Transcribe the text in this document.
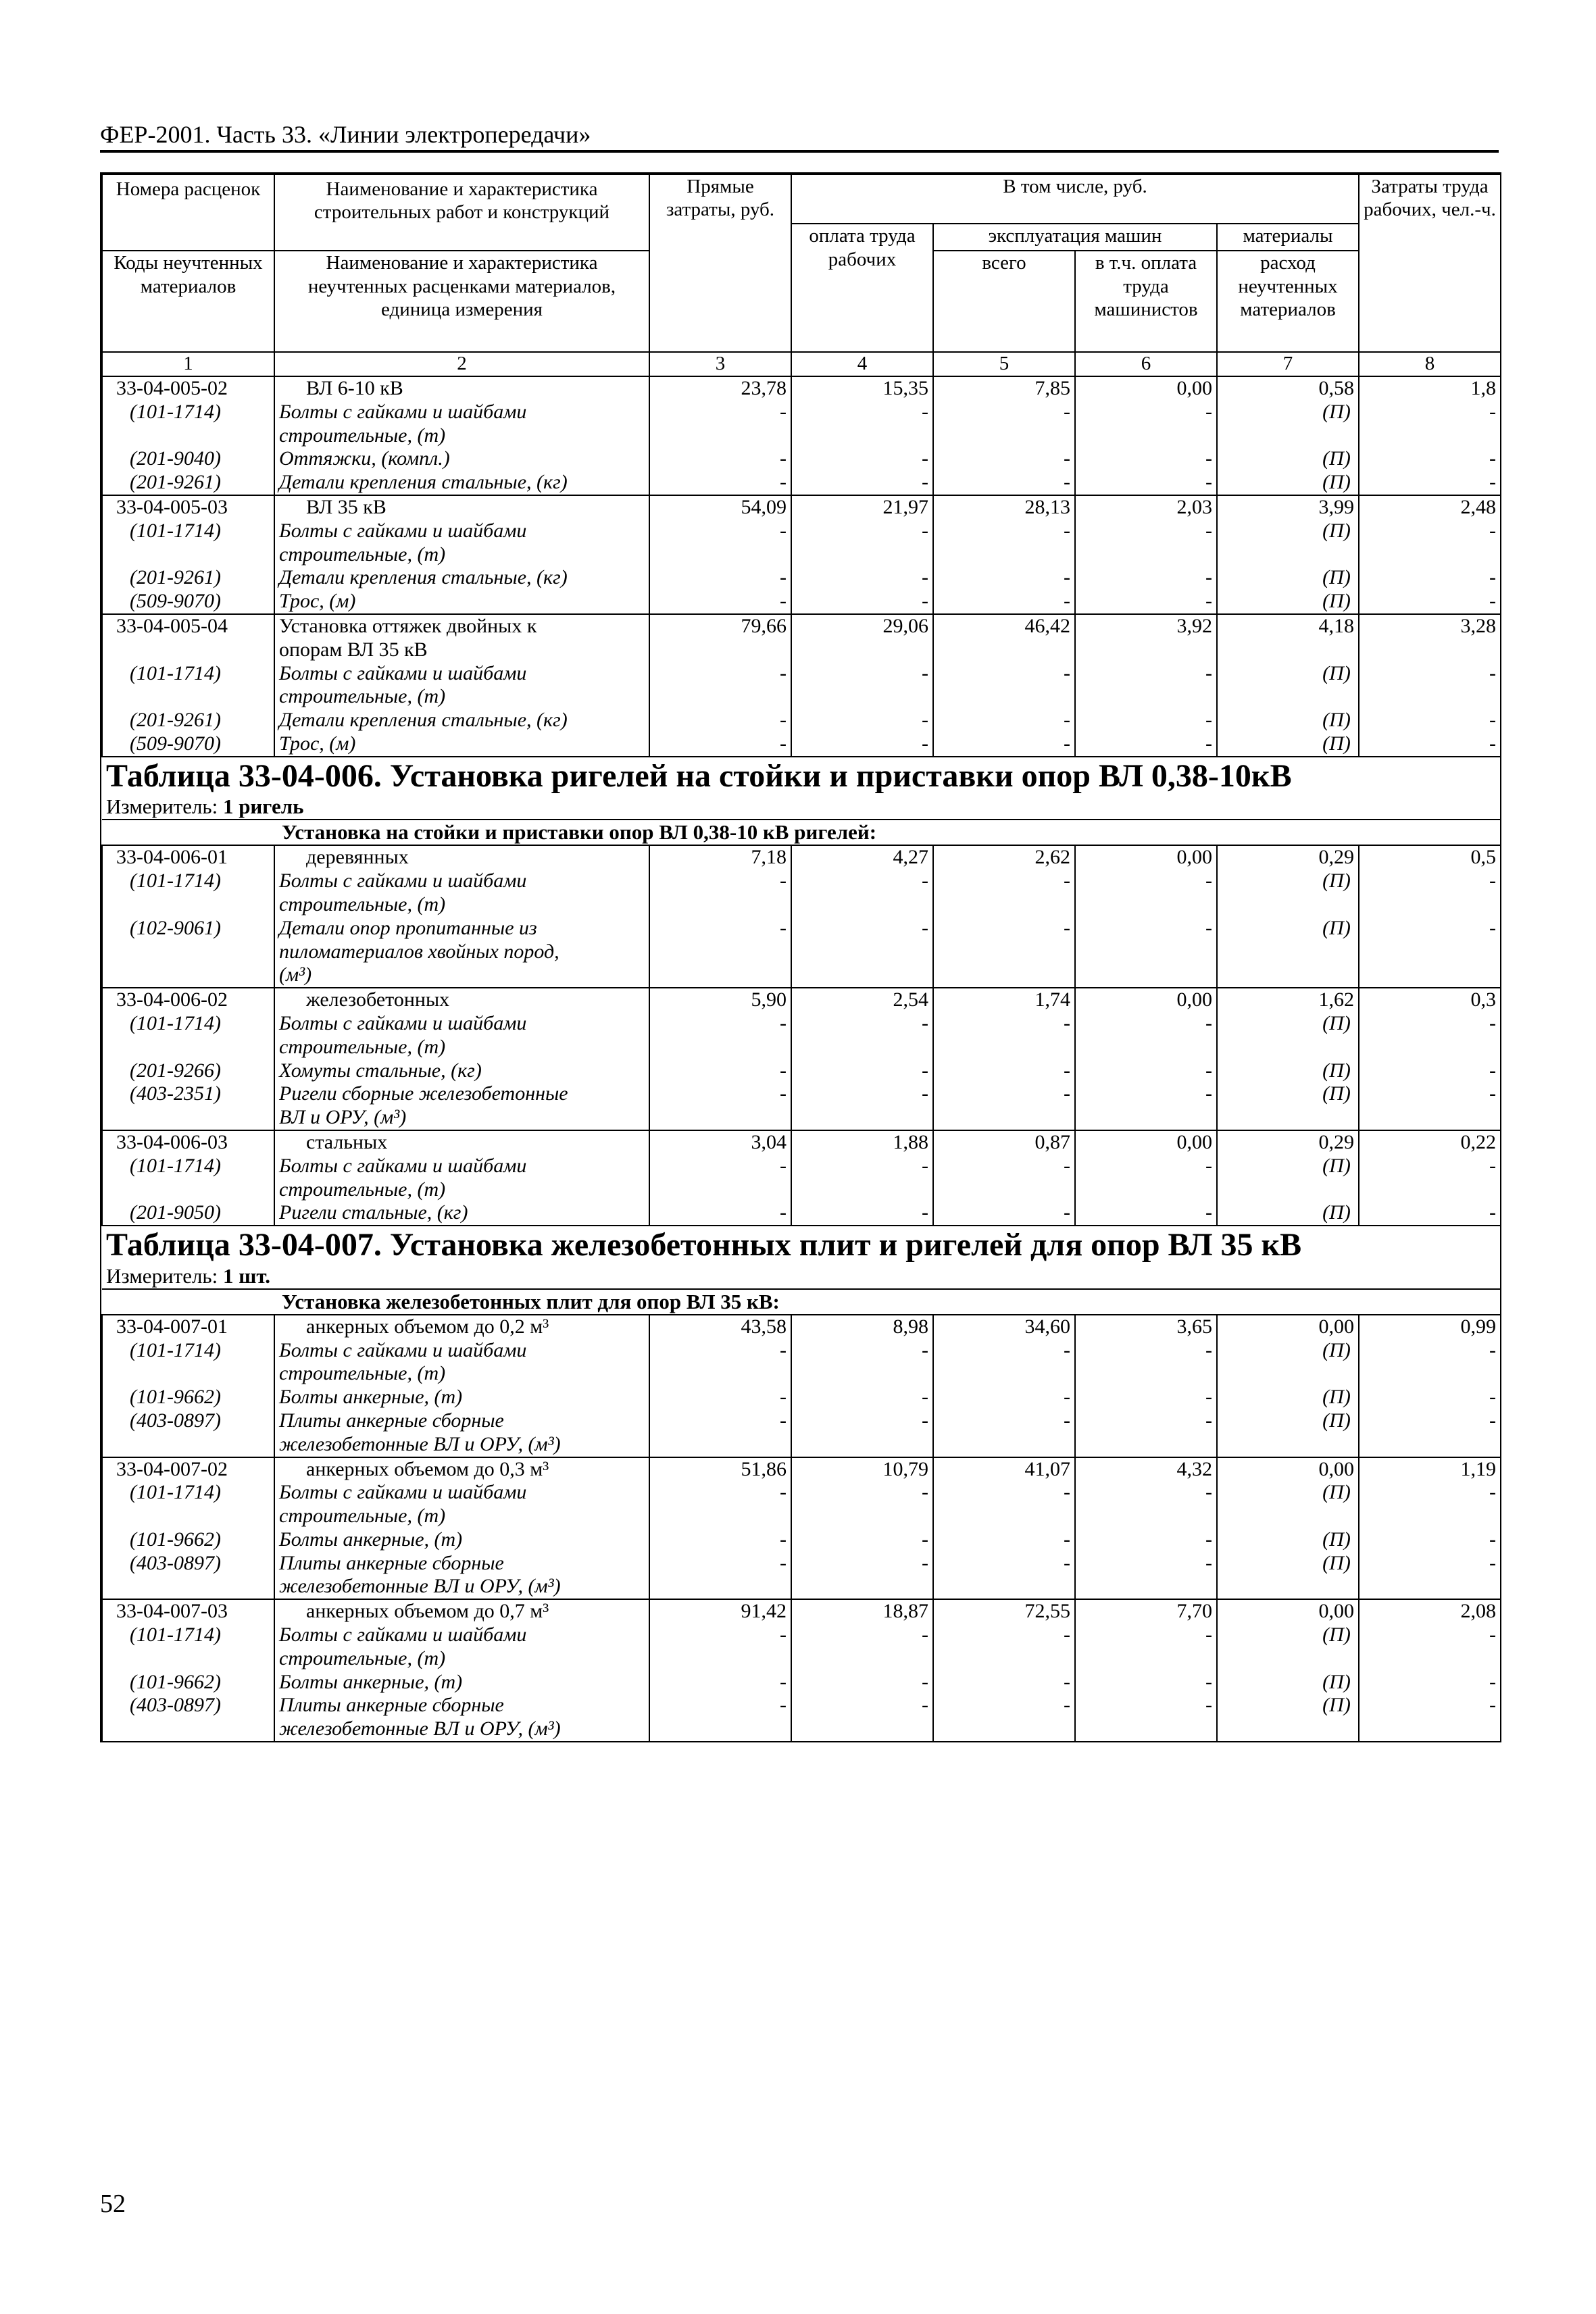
ФЕР-2001. Часть 33. «Линии электропередачи»
Номера расценок	Наименование и характеристика строительных работ и конструкций	Прямые затраты, руб.	В том числе, руб.				Затраты труда рабочих, чел.-ч.
			оплата труда рабочих	эксплуатация машин		материалы	
Коды неучтенных материалов	Наименование и характеристика неучтенных расценками материалов, единица измерения			всего	в т.ч. оплата труда машинистов	расход неучтенных материалов	

1	2	3	4	5	6	7	8
33-04-005-02	ВЛ 6-10 кВ	23,78	15,35	7,85	0,00	0,58	1,8
(101-1714)	Болты с гайками и шайбами
строительные, (т)	-	-	-	-	(П)	-
(201-9040)	Оттяжки, (компл.)	-	-	-	-	(П)	-
(201-9261)	Детали крепления стальные, (кг)	-	-	-	-	(П)	-
33-04-005-03	ВЛ 35 кВ	54,09	21,97	28,13	2,03	3,99	2,48
(101-1714)	Болты с гайками и шайбами
строительные, (т)	-	-	-	-	(П)	-
(201-9261)	Детали крепления стальные, (кг)	-	-	-	-	(П)	-
(509-9070)	Трос, (м)	-	-	-	-	(П)	-
33-04-005-04	Установка оттяжек двойных к
опорам ВЛ 35 кВ	79,66	29,06	46,42	3,92	4,18	3,28
(101-1714)	Болты с гайками и шайбами
строительные, (т)	-	-	-	-	(П)	-
(201-9261)	Детали крепления стальные, (кг)	-	-	-	-	(П)	-
(509-9070)	Трос, (м)	-	-	-	-	(П)	-
Таблица 33-04-006. Установка ригелей на стойки и приставки опор ВЛ 0,38-10кВ							
Измеритель: 1 ригель							
Установка на стойки и приставки опор ВЛ 0,38-10 кВ ригелей:							
33-04-006-01	деревянных	7,18	4,27	2,62	0,00	0,29	0,5
(101-1714)	Болты с гайками и шайбами
строительные, (т)	-	-	-	-	(П)	-
(102-9061)	Детали опор пропитанные из
пиломатериалов хвойных пород,
(м³)	-	-	-	-	(П)	-
33-04-006-02	железобетонных	5,90	2,54	1,74	0,00	1,62	0,3
(101-1714)	Болты с гайками и шайбами
строительные, (т)	-	-	-	-	(П)	-
(201-9266)	Хомуты стальные, (кг)	-	-	-	-	(П)	-
(403-2351)	Ригели сборные железобетонные
ВЛ и ОРУ, (м³)	-	-	-	-	(П)	-
33-04-006-03	стальных	3,04	1,88	0,87	0,00	0,29	0,22
(101-1714)	Болты с гайками и шайбами
строительные, (т)	-	-	-	-	(П)	-
(201-9050)	Ригели стальные, (кг)	-	-	-	-	(П)	-
Таблица 33-04-007. Установка железобетонных плит и ригелей для опор ВЛ 35 кВ							
Измеритель: 1 шт.							
Установка железобетонных плит для опор ВЛ 35 кВ:							
33-04-007-01	анкерных объемом до 0,2 м³	43,58	8,98	34,60	3,65	0,00	0,99
(101-1714)	Болты с гайками и шайбами
строительные, (т)	-	-	-	-	(П)	-
(101-9662)	Болты анкерные, (т)	-	-	-	-	(П)	-
(403-0897)	Плиты анкерные сборные
железобетонные ВЛ и ОРУ, (м³)	-	-	-	-	(П)	-
33-04-007-02	анкерных объемом до 0,3 м³	51,86	10,79	41,07	4,32	0,00	1,19
(101-1714)	Болты с гайками и шайбами
строительные, (т)	-	-	-	-	(П)	-
(101-9662)	Болты анкерные, (т)	-	-	-	-	(П)	-
(403-0897)	Плиты анкерные сборные
железобетонные ВЛ и ОРУ, (м³)	-	-	-	-	(П)	-
33-04-007-03	анкерных объемом до 0,7 м³	91,42	18,87	72,55	7,70	0,00	2,08
(101-1714)	Болты с гайками и шайбами
строительные, (т)	-	-	-	-	(П)	-
(101-9662)	Болты анкерные, (т)	-	-	-	-	(П)	-
(403-0897)	Плиты анкерные сборные
железобетонные ВЛ и ОРУ, (м³)	-	-	-	-	(П)	-
52
